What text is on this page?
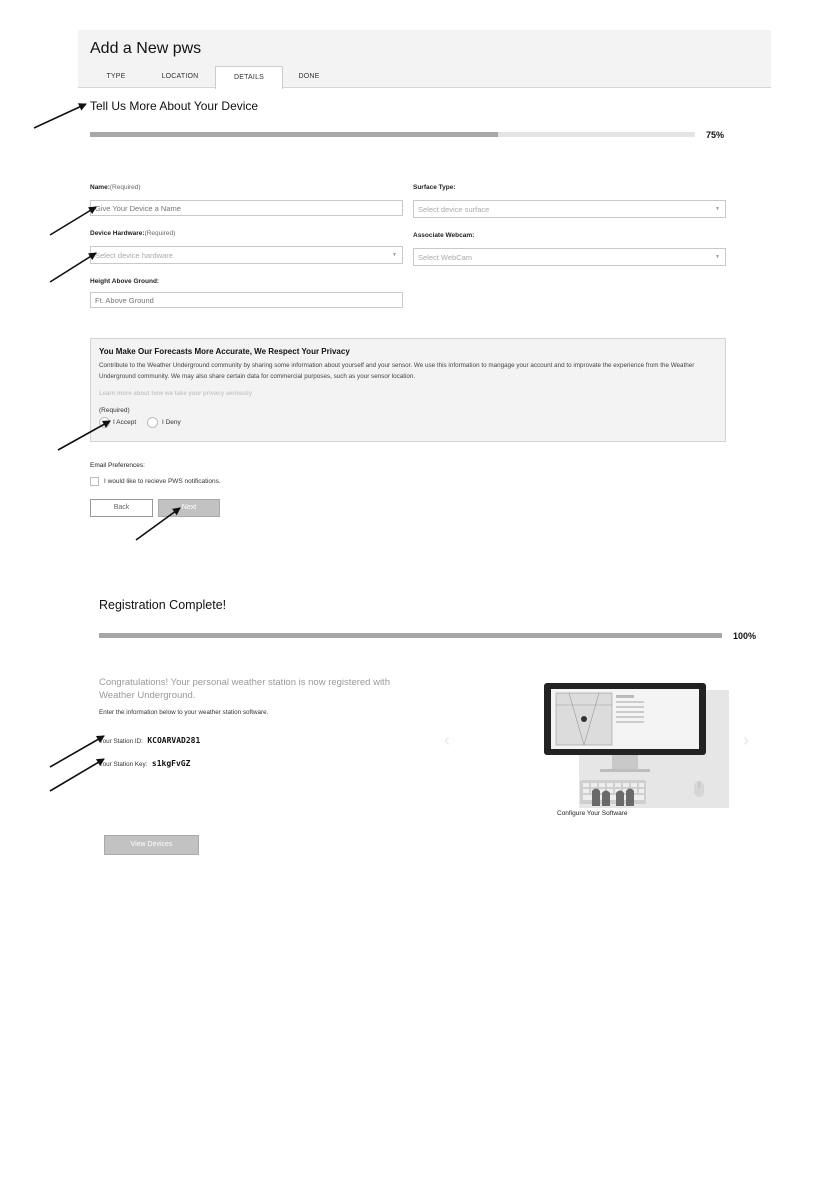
Add a New pws
TYPE	LOCATION	DETAILS	DONE
Tell Us More About Your Device
75%
Name:(Required)
Give Your Device a Name	Surface Type:
Select device surface	▼
Device Hardware:(Required)
Select device hardware	▼
Associate Webcam:
Select WebCam	▼
Height Above Ground:
Ft. Above Ground
You Make Our Forecasts More Accurate, We Respect Your Privacy
Contribute to the Weather Underground community by sharing some information about yourself and your sensor. We use this information to mangage your account and to improvate the experience from the Weather Underground community. We may also share certain data for commercial purposes, such as your sensor location.
Learn more about how we take your privacy seriously
(Required)
I Accept	I Deny
Email Preferences:
I would like to recieve PWS notifications.
Back	Next
Registration Complete!
100%
Congratulations! Your personal weather station is now registered with Weather Underground.
Enter the information below to your weather station software.
Your Station ID: KCOARVAD281
Your Station Key: s1kgFvGZ
‹	›
Configure Your Software
View Devices
